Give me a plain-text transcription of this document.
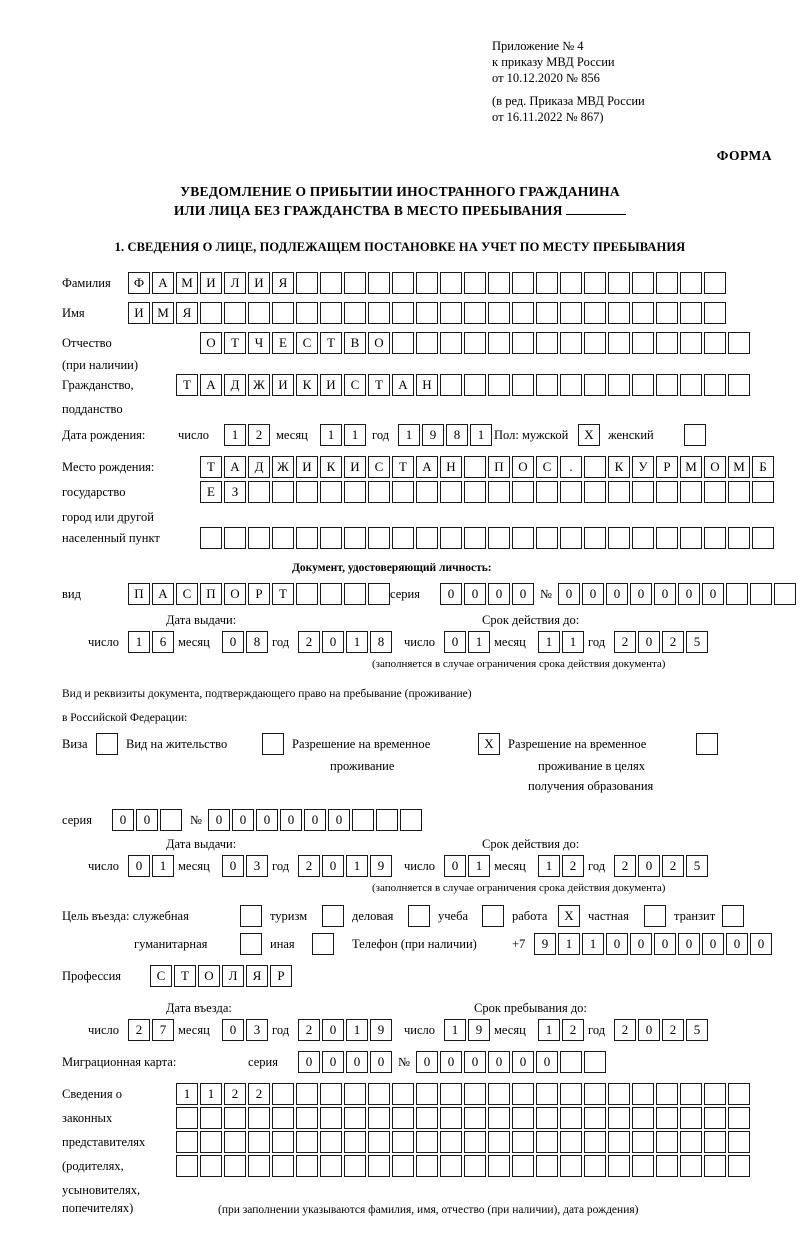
Приложение № 4
к приказу МВД России
от 10.12.2020 № 856
(в ред. Приказа МВД России
от 16.11.2022 № 867)
ФОРМА
УВЕДОМЛЕНИЕ О ПРИБЫТИИ ИНОСТРАННОГО ГРАЖДАНИНА
ИЛИ ЛИЦА БЕЗ ГРАЖДАНСТВА В МЕСТО ПРЕБЫВАНИЯ
1. СВЕДЕНИЯ О ЛИЦЕ, ПОДЛЕЖАЩЕМ ПОСТАНОВКЕ НА УЧЕТ ПО МЕСТУ ПРЕБЫВАНИЯ
Фамилия	Ф	А	М	И	Л	И	Я
Имя	И	М	Я
Отчество	О	Т	Ч	Е	С	Т	В	О
(при наличии)
Гражданство,	Т	А	Д	Ж	И	К	И	С	Т	А	Н
подданство
Дата рождения:	число	1	2	месяц	1	1	год	1	9	8	1 Пол: мужской	X	женский
Место рождения:	Т	А	Д	Ж	И	К	И	С	Т	А	Н	П	О	С	.	К	У	Р	М	О	М	Б
государство	Е	З
город или другой
населенный пункт
Документ, удостоверяющий личность:
вид	П	А	С	П	О	Р	Т	серия	0	0	0	0	№	0	0	0	0	0	0	0
Дата выдачи:	Срок действия до:
число	1	6 месяц	0	8 год	2	0	1	8	число	0	1 месяц	1	1 год	2	0	2	5
(заполняется в случае ограничения срока действия документа)
Вид и реквизиты документа, подтверждающего право на пребывание (проживание)
в Российской Федерации:
Виза	Вид на жительство	Разрешение на временное	X	Разрешение на временное
проживание	проживание в целях
получения образования
серия	0	0	№	0	0	0	0	0	0
Дата выдачи:	Срок действия до:
число	0	1 месяц	0	3 год	2	0	1	9	число	0	1 месяц	1	2 год	2	0	2	5
(заполняется в случае ограничения срока действия документа)
Цель въезда: служебная	туризм	деловая	учеба	работа	X	частная	транзит
гуманитарная	иная	Телефон (при наличии)	+7	9	1	1	0	0	0	0	0	0	0
Профессия	С	Т	О	Л	Я	Р
Дата въезда:	Срок пребывания до:
число	2	7 месяц	0	3 год	2	0	1	9	число	1	9 месяц	1	2 год	2	0	2	5
Миграционная карта:	серия	0	0	0	0	№	0	0	0	0	0	0
Сведения о	1	1	2	2
законных
представителях
(родителях,
усыновителях,
попечителях)	(при заполнении указываются фамилия, имя, отчество (при наличии), дата рождения)
